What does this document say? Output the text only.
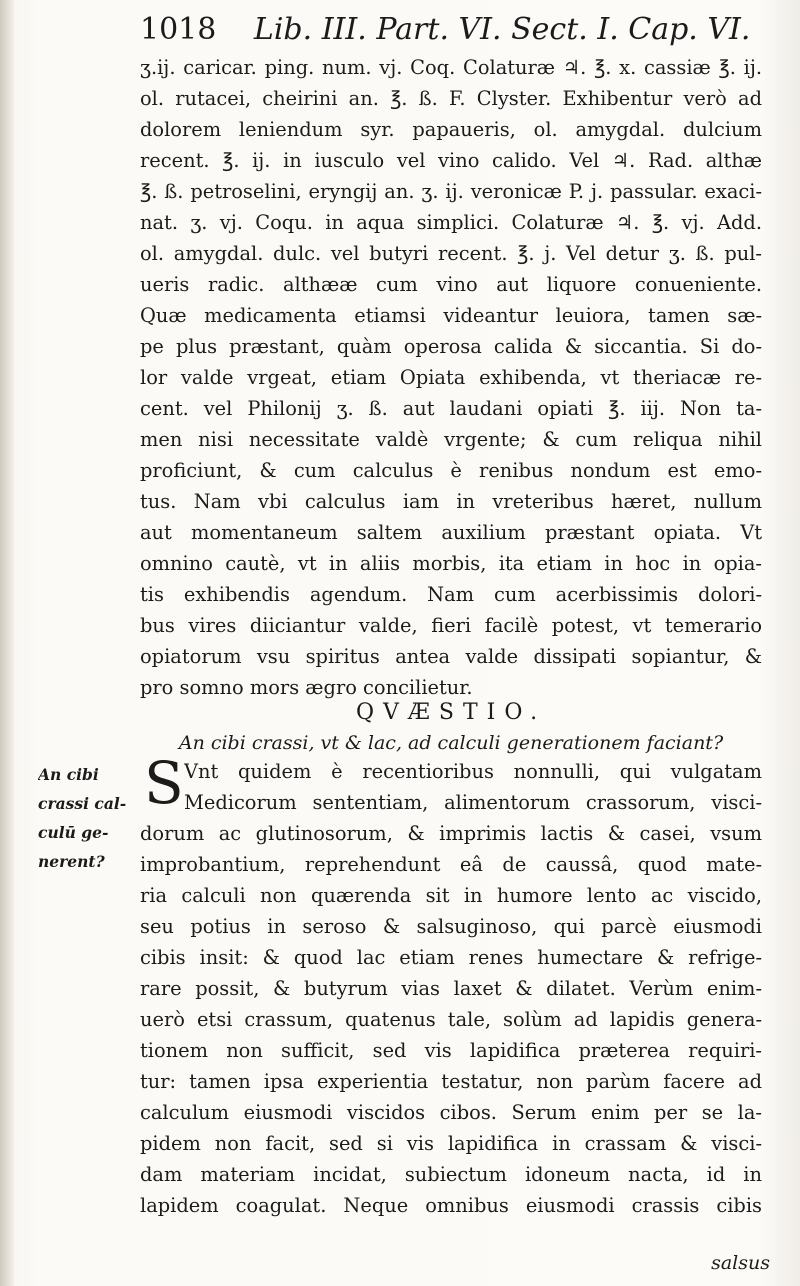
1018 Lib. III. Part. VI. Sect. I. Cap. VI.
ʒ.ij. caricar. ping. num. vj. Coq. Colaturæ ♃. ℥. x. cassiæ ℥. ij.
ol. rutacei, cheirini an. ℥. ß. F. Clyster. Exhibentur verò ad
dolorem leniendum syr. papaueris, ol. amygdal. dulcium
recent. ℥. ij. in iusculo vel vino calido. Vel ♃. Rad. althæ
℥. ß. petroselini, eryngij an. ʒ. ij. veronicæ P. j. passular. exaci-
nat. ʒ. vj. Coqu. in aqua simplici. Colaturæ ♃. ℥. vj. Add.
ol. amygdal. dulc. vel butyri recent. ℥. j. Vel detur ʒ. ß. pul-
ueris radic. althææ cum vino aut liquore conueniente.
Quæ medicamenta etiamsi videantur leuiora, tamen sæ-
pe plus præstant, quàm operosa calida & siccantia. Si do-
lor valde vrgeat, etiam Opiata exhibenda, vt theriacæ re-
cent. vel Philonij ʒ. ß. aut laudani opiati ℥. iij. Non ta-
men nisi necessitate valdè vrgente; & cum reliqua nihil
proficiunt, & cum calculus è renibus nondum est emo-
tus. Nam vbi calculus iam in vreteribus hæret, nullum
aut momentaneum saltem auxilium præstant opiata. Vt
omnino cautè, vt in aliis morbis, ita etiam in hoc in opia-
tis exhibendis agendum. Nam cum acerbissimis dolori-
bus vires diiciantur valde, fieri facilè potest, vt temerario
opiatorum vsu spiritus antea valde dissipati sopiantur, &
pro somno mors ægro concilietur.
QVÆSTIO.
An cibi crassi, vt & lac, ad calculi generationem faciant?
An cibi
crassi cal-
culū ge-
nerent?
S Vnt quidem è recentioribus nonnulli, qui vulgatam
Medicorum sententiam, alimentorum crassorum, visci-
dorum ac glutinosorum, & imprimis lactis & casei, vsum
improbantium, reprehendunt eâ de caussâ, quod mate-
ria calculi non quærenda sit in humore lento ac viscido,
seu potius in seroso & salsuginoso, qui parcè eiusmodi
cibis insit: & quod lac etiam renes humectare & refrige-
rare possit, & butyrum vias laxet & dilatet. Verùm enim-
uerò etsi crassum, quatenus tale, solùm ad lapidis genera-
tionem non sufficit, sed vis lapidifica præterea requiri-
tur: tamen ipsa experientia testatur, non parùm facere ad
calculum eiusmodi viscidos cibos. Serum enim per se la-
pidem non facit, sed si vis lapidifica in crassam & visci-
dam materiam incidat, subiectum idoneum nacta, id in
lapidem coagulat. Neque omnibus eiusmodi crassis cibis
salsus
